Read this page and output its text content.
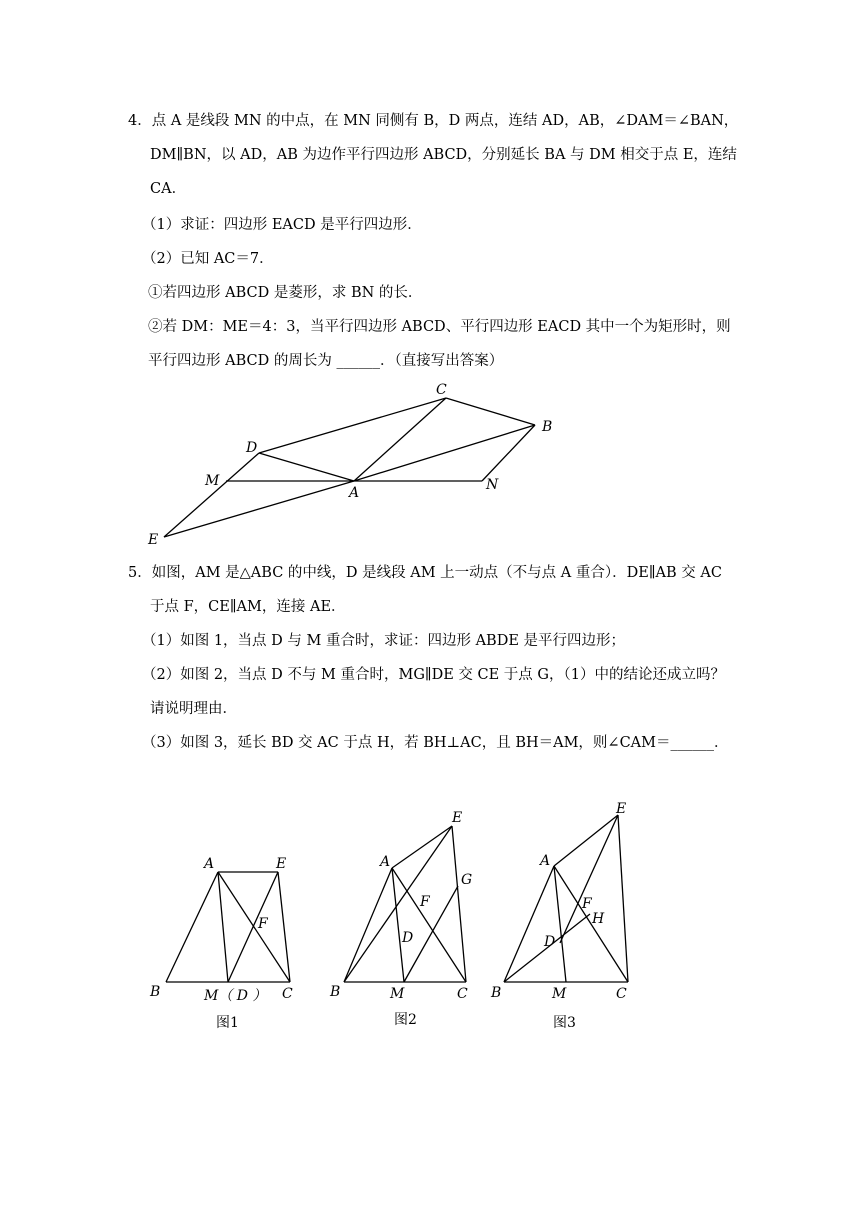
4．点 A 是线段 MN 的中点，在 MN 同侧有 B，D 两点，连结 AD，AB，∠DAM＝∠BAN，
DM∥BN，以 AD，AB 为边作平行四边形 ABCD，分别延长 BA 与 DM 相交于点 E，连结
CA．
（1）求证：四边形 EACD 是平行四边形．
（2）已知 AC＝7．
①若四边形 ABCD 是菱形，求 BN 的长．
②若 DM：ME＝4：3，当平行四边形 ABCD、平行四边形 EACD 其中一个为矩形时，则
平行四边形 ABCD 的周长为 ______．（直接写出答案）
C
B
D
M
A	N
E
5．如图，AM 是△ABC 的中线，D 是线段 AM 上一动点（不与点 A 重合）．DE∥AB 交 AC
于点 F，CE∥AM，连接 AE．
（1）如图 1，当点 D 与 M 重合时，求证：四边形 ABDE 是平行四边形；
（2）如图 2，当点 D 不与 M 重合时，MG∥DE 交 CE 于点 G，（1）中的结论还成立吗？
请说明理由．
（3）如图 3，延长 BD 交 AC 于点 H，若 BH⊥AC，且 BH＝AM，则∠CAM＝______．
A	E
F
B	M（ D ） C
图1
E
A
G
F
D
B	M	C
图2
E
A
F
H
D
B	M	C
图3
